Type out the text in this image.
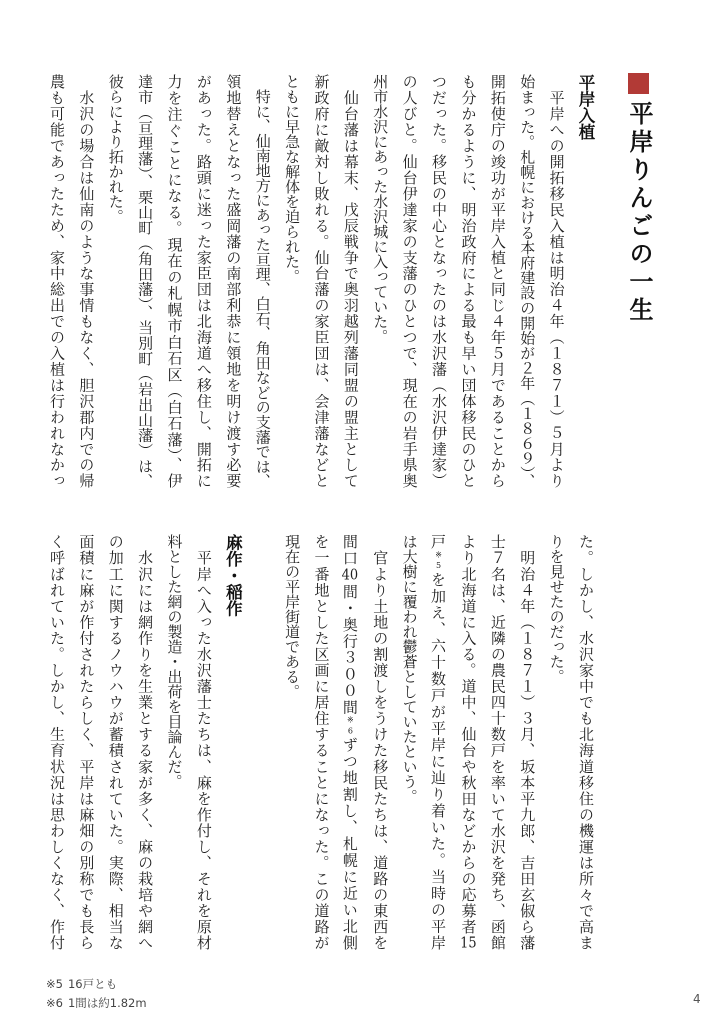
平岸りんごの一生
平岸入植

　平岸への開拓移民入植は明治４年（１８７１）５月より

始まった。札幌における本府建設の開始が２年（１８６９）、

開拓使庁の竣功が平岸入植と同じ４年５月であることから

も分かるように、明治政府による最も早い団体移民のひと

つだった。移民の中心となったのは水沢藩（水沢伊達家）

の人びと。仙台伊達家の支藩のひとつで、現在の岩手県奥

州市水沢にあった水沢城に入っていた。

　仙台藩は幕末、戊辰戦争で奥羽越列藩同盟の盟主として

新政府に敵対し敗れる。仙台藩の家臣団は、会津藩などと

ともに早急な解体を迫られた。

　特に、仙南地方にあった亘理、白石、角田などの支藩では、

領地替えとなった盛岡藩の南部利恭に領地を明け渡す必要

があった。路頭に迷った家臣団は北海道へ移住し、開拓に

力を注ぐことになる。現在の札幌市白石区（白石藩）、伊

達市（亘理藩）、栗山町（角田藩）、当別町（岩出山藩）は、

彼らにより拓かれた。

　水沢の場合は仙南のような事情もなく、胆沢郡内での帰

農も可能であったため、家中総出での入植は行われなかっ

た。しかし、水沢家中でも北海道移住の機運は所々で高ま

りを見せたのだった。

　明治４年（１８７１）３月、坂本平九郎、吉田玄俶ら藩

士７名は、近隣の農民四十数戸を率いて水沢を発ち、函館

より北海道に入る。道中、仙台や秋田などからの応募者15

戸※5を加え、六十数戸が平岸に辿り着いた。当時の平岸

は大樹に覆われ鬱蒼としていたという。

　官より土地の割渡しをうけた移民たちは、道路の東西を

間口40間・奥行３００間※6ずつ地割し、札幌に近い北側

を一番地とした区画に居住することになった。この道路が

現在の平岸街道である。

麻作・稲作

　平岸へ入った水沢藩士たちは、麻を作付し、それを原材

料とした網の製造・出荷を目論んだ。

　水沢には網作りを生業とする家が多く、麻の栽培や網へ

の加工に関するノウハウが蓄積されていた。実際、相当な

面積に麻が作付されたらしく、平岸は麻畑の別称でも長ら

く呼ばれていた。しかし、生育状況は思わしくなく、作付

※5 16戸とも
※6 1間は約1.82m	4
